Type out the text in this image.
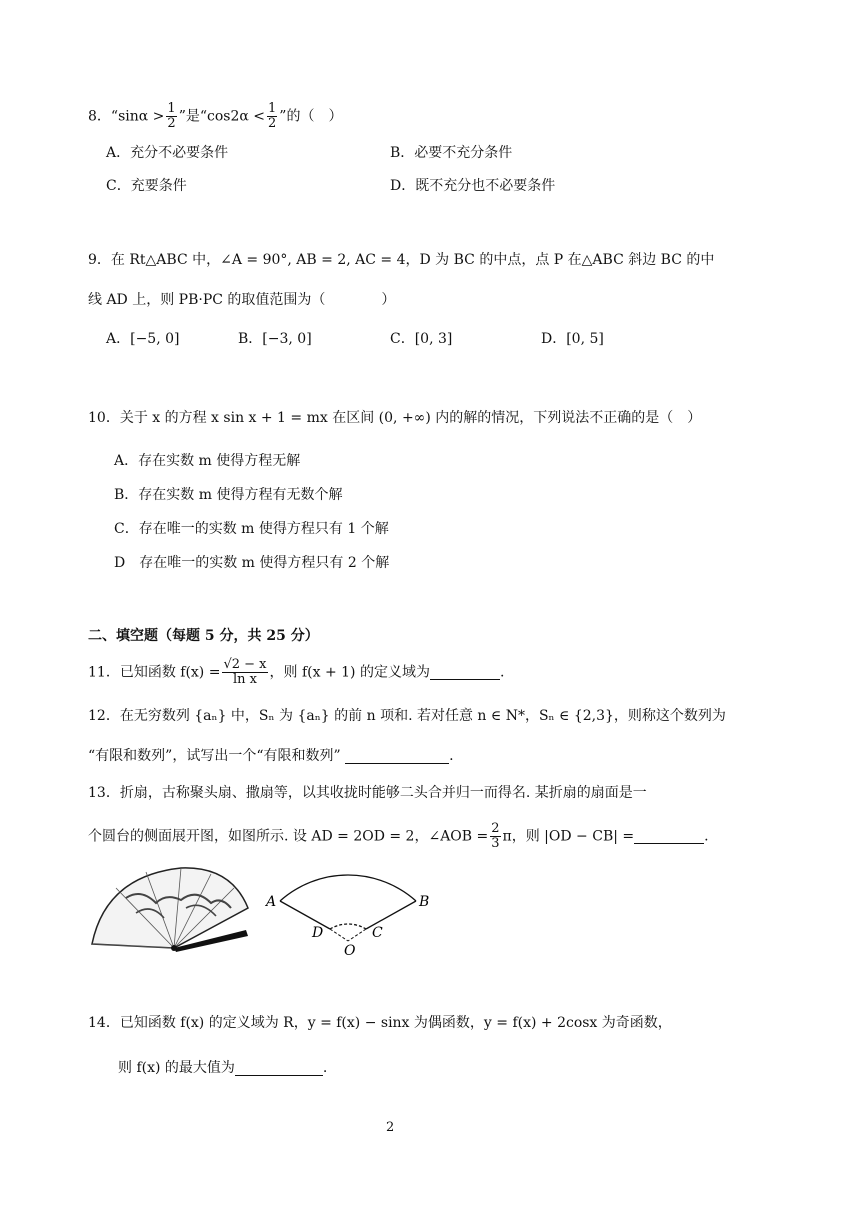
8．“$\sin\alpha > \frac{1}{2}$ ”是“$\cos 2\alpha < \frac{1}{2}$ ”的（　）
A．充分不必要条件	B．必要不充分条件
C．充要条件	D．既不充分也不必要条件
9．在 Rt△ABC 中，∠A = 90°, AB = 2, AC = 4，D 为 BC 的中点，点 P 在△ABC 斜边 BC 的中
线 AD 上，则 PB·PC 的取值范围为（　　　　）
A．[−5, 0]	B．[−3, 0]	C．[0, 3]	D．[0, 5]
10．关于 x 的方程 x sin x + 1 = mx 在区间 (0, +∞) 内的解的情况，下列说法不正确的是（　）
A．存在实数 m 使得方程无解
B．存在实数 m 使得方程有无数个解
C．存在唯一的实数 m 使得方程只有 1 个解
D　存在唯一的实数 m 使得方程只有 2 个解
二、填空题（每题 5 分，共 25 分）
11．已知函数 $f(x) = \frac{√2 - x}{\text{ln x}}$ ，则 f(x + 1) 的定义域为	.
12．在无穷数列 {aₙ} 中，Sₙ 为 {aₙ} 的前 n 项和. 若对任意 n ∈ N*，Sₙ ∈ {2,3}，则称这个数列为
“有限和数列”，试写出一个“有限和数列”	.
13．折扇，古称聚头扇、撒扇等，以其收拢时能够二头合并归一而得名. 某折扇的扇面是一
个圆台的侧面展开图，如图所示. 设 AD = 2OD = 2，∠AOB = $\frac{2}{3}$ π，则 |OD − CB| =	.
A	B
D	C
O
14．已知函数 f(x) 的定义域为 R，y = f(x) − sinx 为偶函数，y = f(x) + 2cosx 为奇函数，
则 f(x) 的最大值为	.
2
